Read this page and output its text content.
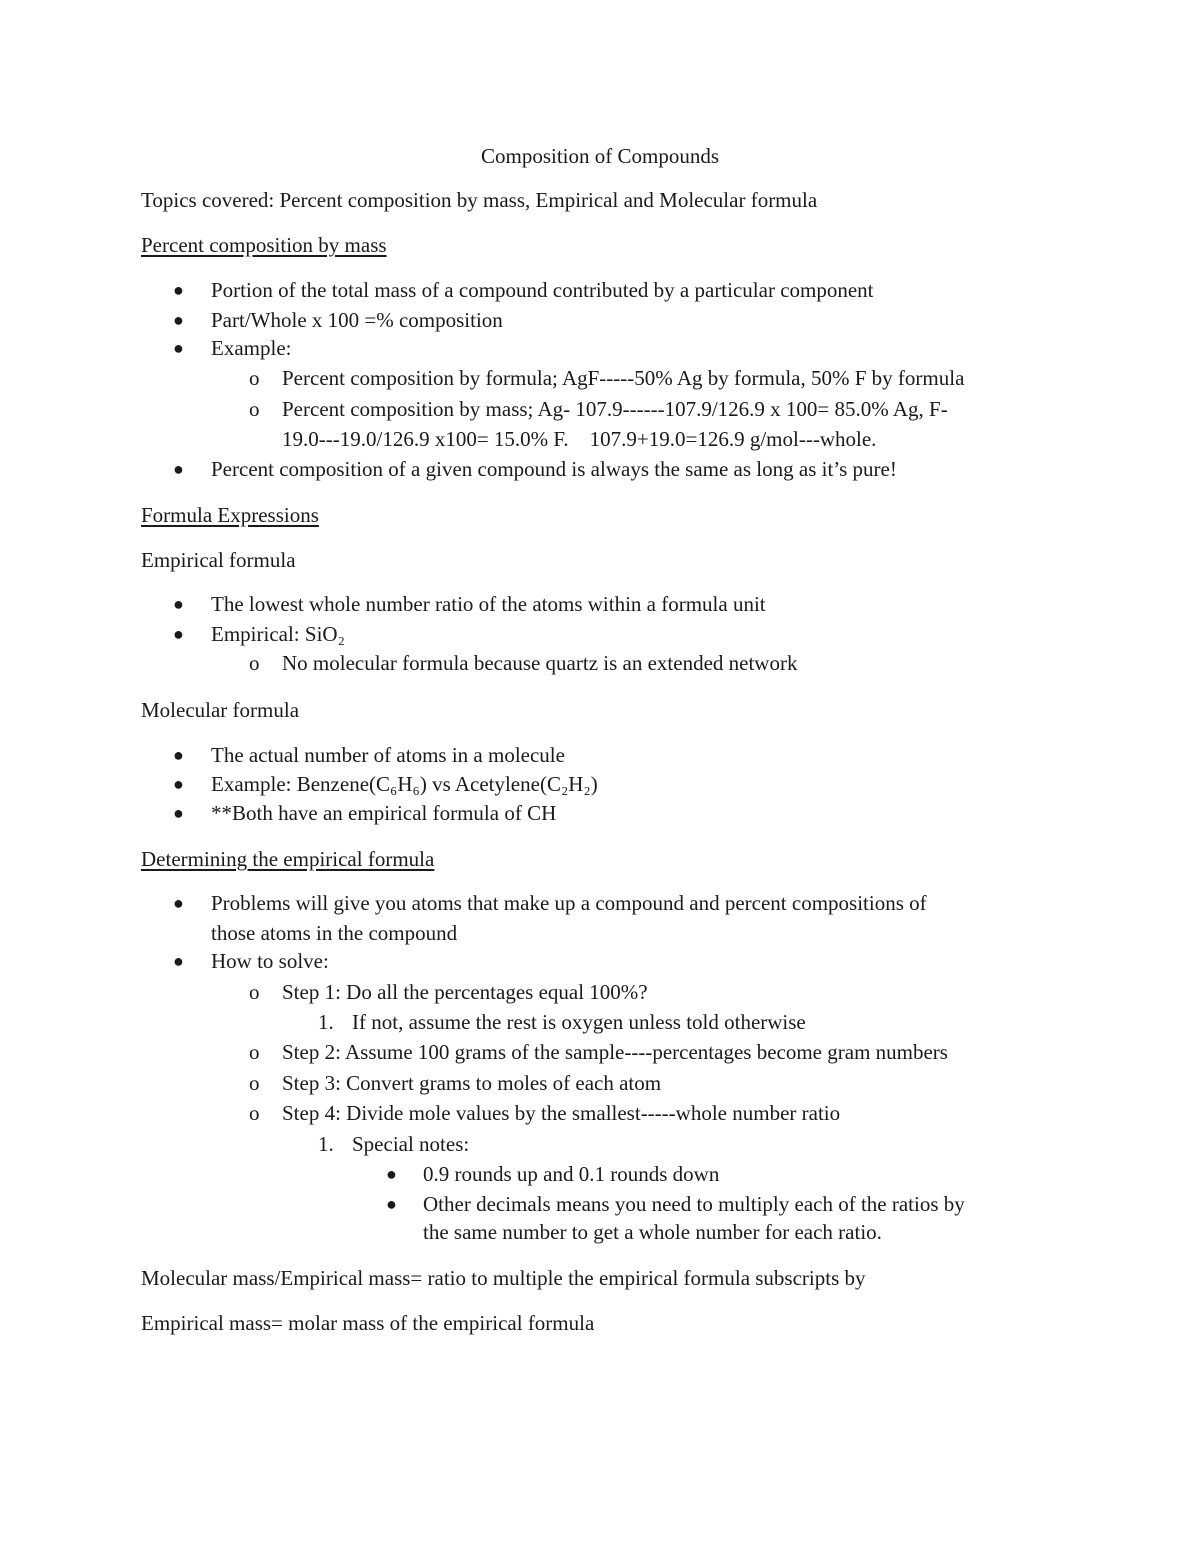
Composition of Compounds
Topics covered: Percent composition by mass, Empirical and Molecular formula
Percent composition by mass
● Portion of the total mass of a compound contributed by a particular component
● Part/Whole x 100 =% composition
● Example:
o Percent composition by formula; AgF-----50% Ag by formula, 50% F by formula
o Percent composition by mass; Ag- 107.9------107.9/126.9 x 100= 85.0% Ag, F-
19.0---19.0/126.9 x100= 15.0% F.    107.9+19.0=126.9 g/mol---whole.
● Percent composition of a given compound is always the same as long as it’s pure!
Formula Expressions
Empirical formula
● The lowest whole number ratio of the atoms within a formula unit
● Empirical: SiO₂
o No molecular formula because quartz is an extended network
Molecular formula
● The actual number of atoms in a molecule
● Example: Benzene(C₆H₆) vs Acetylene(C₂H₂)
● **Both have an empirical formula of CH
Determining the empirical formula
● Problems will give you atoms that make up a compound and percent compositions of
those atoms in the compound
● How to solve:
o Step 1: Do all the percentages equal 100%?
1. If not, assume the rest is oxygen unless told otherwise
o Step 2: Assume 100 grams of the sample----percentages become gram numbers
o Step 3: Convert grams to moles of each atom
o Step 4: Divide mole values by the smallest-----whole number ratio
1. Special notes:
● 0.9 rounds up and 0.1 rounds down
● Other decimals means you need to multiply each of the ratios by
the same number to get a whole number for each ratio.
Molecular mass/Empirical mass= ratio to multiple the empirical formula subscripts by
Empirical mass= molar mass of the empirical formula
